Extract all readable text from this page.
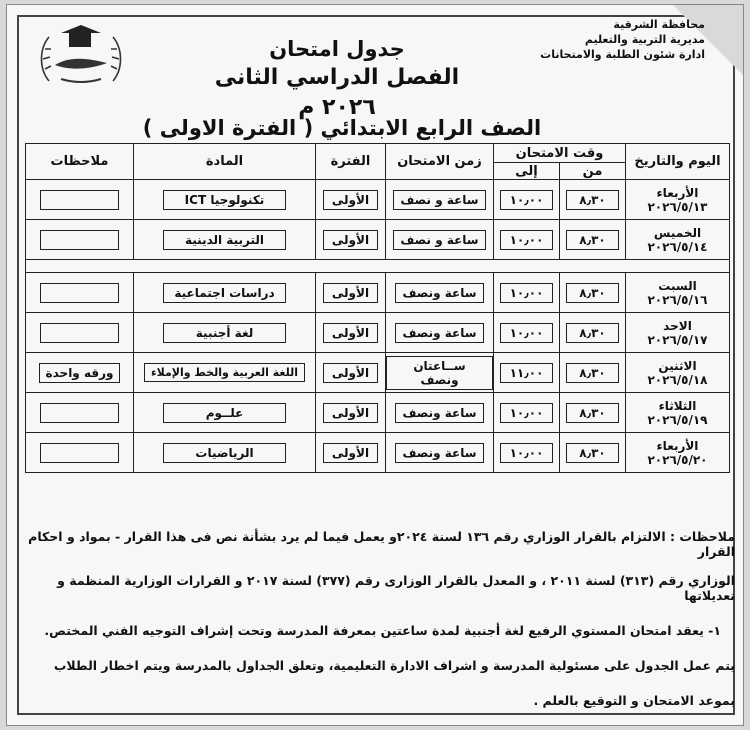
محافظة الشرقية
مديرية التربية والتعليم
ادارة شئون الطلبة والامتحانات
جدول امتحان
الفصل الدراسي الثانى ٢٠٢٦ م
الصف الرابع الابتدائي ( الفترة الاولى )
اليوم والتاريخ	وقت الامتحان		زمن الامتحان	الفترة	المادة	ملاحظات
	من	إلى				

الأربعاء
٢٠٢٦/٥/١٣	٨٫٣٠	١٠٫٠٠	ساعة و نصف	الأولى	تكنولوجيا ICT	

الخميس
٢٠٢٦/٥/١٤	٨٫٣٠	١٠٫٠٠	ساعة و نصف	الأولى	التربية الدينية	

السبت
٢٠٢٦/٥/١٦	٨٫٣٠	١٠٫٠٠	ساعة ونصف	الأولى	دراسات اجتماعية	

الاحد
٢٠٢٦/٥/١٧	٨٫٣٠	١٠٫٠٠	ساعة ونصف	الأولى	لغة أجنبية	

الاثنين
٢٠٢٦/٥/١٨	٨٫٣٠	١١٫٠٠	ســاعتان ونصف	الأولى	اللغة العربية والخط والإملاء	ورقه واحدة

الثلاثاء
٢٠٢٦/٥/١٩	٨٫٣٠	١٠٫٠٠	ساعة ونصف	الأولى	علــوم	

الأربعاء
٢٠٢٦/٥/٢٠	٨٫٣٠	١٠٫٠٠	ساعة ونصف	الأولى	الرياضيات	

ملاحظات : الالتزام بالقرار الوزاري رقم ١٣٦ لسنة ٢٠٢٤و يعمل فيما لم يرد بشأنة نص فى هذا القرار - بمواد و احكام القرار

الوزاري رقم (٣١٣) لسنة ٢٠١١ ، و المعدل بالقرار الوزارى رقم (٣٧٧) لسنة ٢٠١٧ و القرارات الوزارية المنظمة و تعديلاتها

١- يعقد امتحان المستوي الرفيع لغة أجنبية لمدة ساعتين بمعرفة المدرسة وتحت إشراف التوجيه الفني المختص.

يتم عمل الجدول على مسئولية المدرسة و اشراف الادارة التعليمية، وتعلق الجداول بالمدرسة ويتم اخطار الطلاب

بموعد الامتحان و التوقيع بالعلم .
